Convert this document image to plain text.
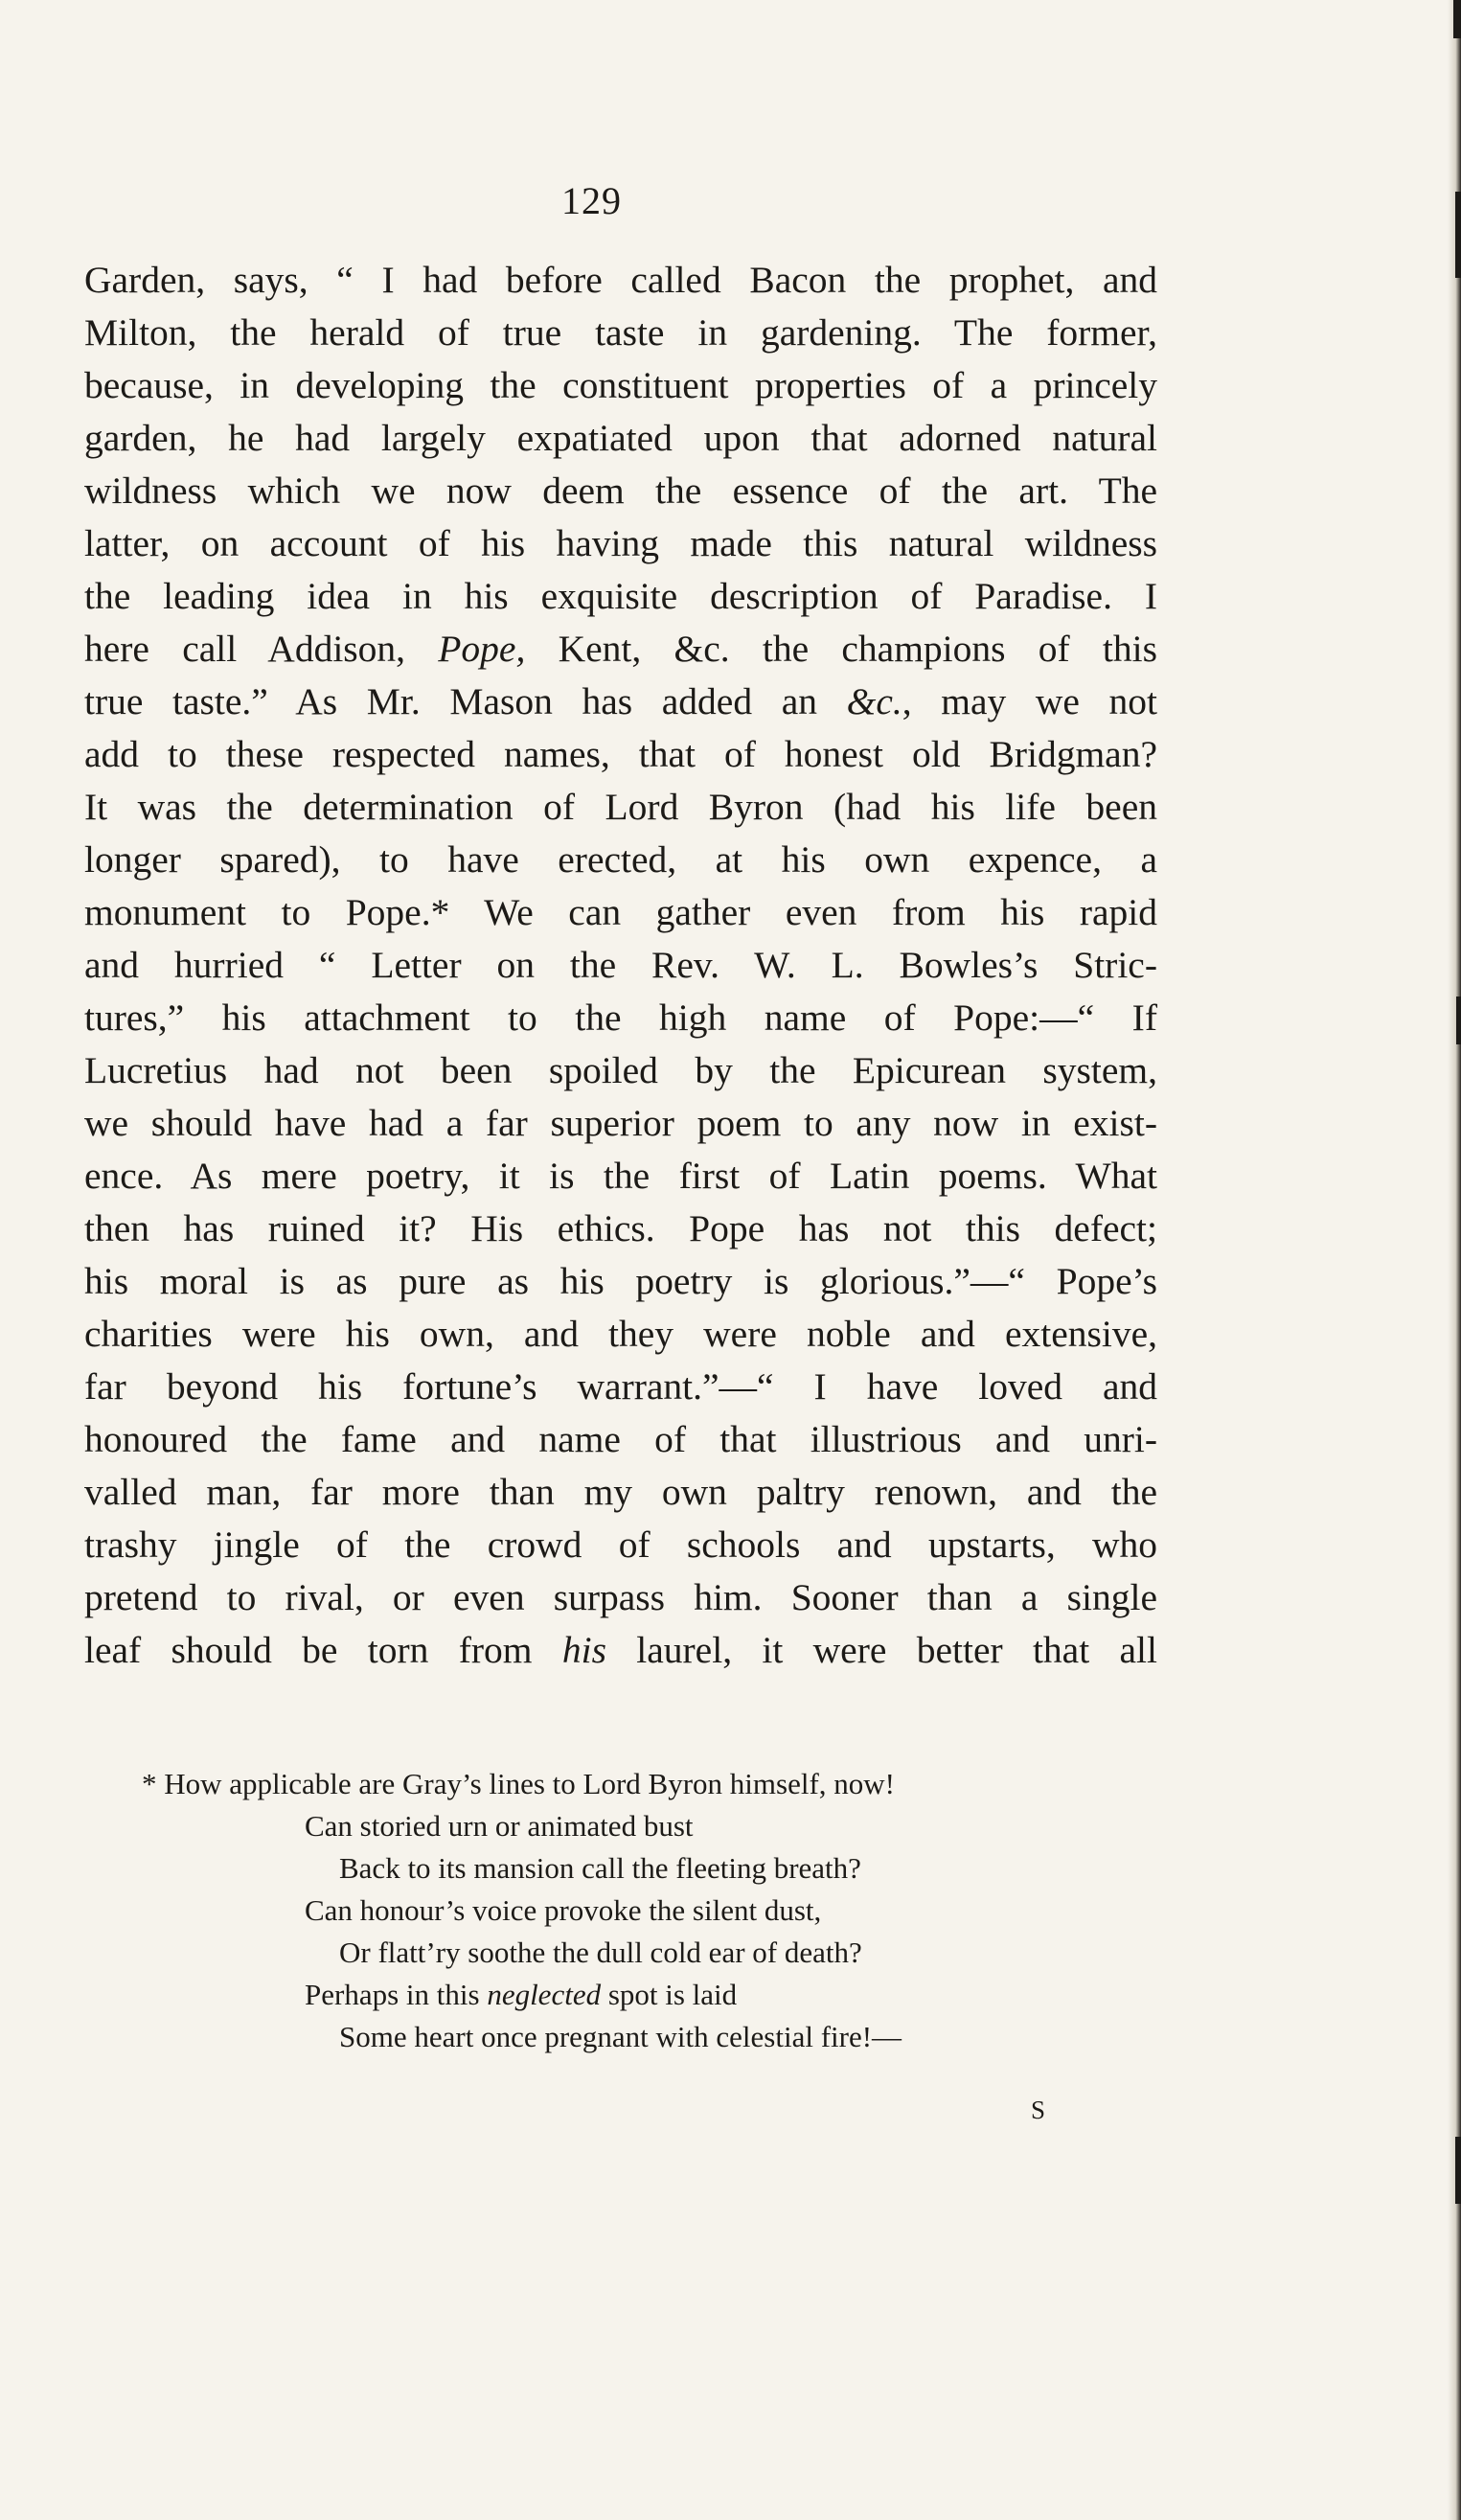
129

Garden, says, “ I had before called Bacon the prophet, and
Milton, the herald of true taste in gardening. The former,
because, in developing the constituent properties of a princely
garden, he had largely expatiated upon that adorned natural
wildness which we now deem the essence of the art. The
latter, on account of his having made this natural wildness
the leading idea in his exquisite description of Paradise. I
here call Addison, Pope, Kent, &c. the champions of this
true taste.” As Mr. Mason has added an &c., may we not
add to these respected names, that of honest old Bridgman?
It was the determination of Lord Byron (had his life been
longer spared), to have erected, at his own expence, a
monument to Pope.* We can gather even from his rapid
and hurried “ Letter on the Rev. W. L. Bowles’s Stric-
tures,” his attachment to the high name of Pope:—“ If
Lucretius had not been spoiled by the Epicurean system,
we should have had a far superior poem to any now in exist-
ence. As mere poetry, it is the first of Latin poems. What
then has ruined it? His ethics. Pope has not this defect;
his moral is as pure as his poetry is glorious.”—“ Pope’s
charities were his own, and they were noble and extensive,
far beyond his fortune’s warrant.”—“ I have loved and
honoured the fame and name of that illustrious and unri-
valled man, far more than my own paltry renown, and the
trashy jingle of the crowd of schools and upstarts, who
pretend to rival, or even surpass him. Sooner than a single
leaf should be torn from his laurel, it were better that all

* How applicable are Gray’s lines to Lord Byron himself, now!
Can storied urn or animated bust
Back to its mansion call the fleeting breath?
Can honour’s voice provoke the silent dust,
Or flatt’ry soothe the dull cold ear of death?
Perhaps in this neglected spot is laid
Some heart once pregnant with celestial fire!—
S
